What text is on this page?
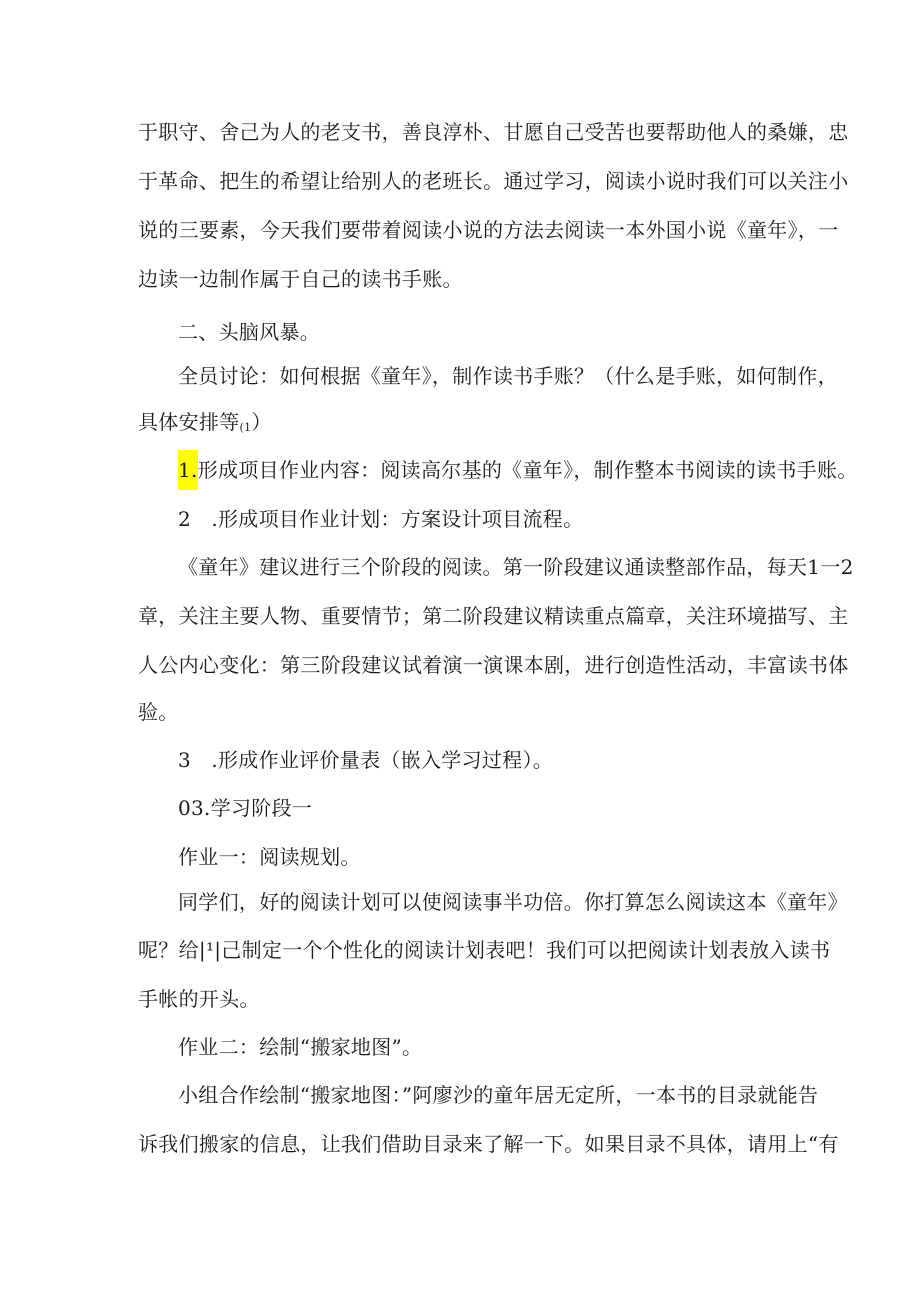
于职守、舍己为人的老支书，善良淳朴、甘愿自己受苦也要帮助他人的桑嫌，忠
于革命、把生的希望让给别人的老班长。通过学习，阅读小说时我们可以关注小
说的三要素，今天我们要带着阅读小说的方法去阅读一本外国小说《童年》，一
边读一边制作属于自己的读书手账。
二、头脑风暴。
全员讨论：如何根据《童年》，制作读书手账？（什么是手账，如何制作，
具体安排等(1）
1.形成项目作业内容：阅读高尔基的《童年》，制作整本书阅读的读书手账。
2　.形成项目作业计划：方案设计项目流程。
《童年》建议进行三个阶段的阅读。第一阶段建议通读整部作品，每天1一2
章，关注主要人物、重要情节；第二阶段建议精读重点篇章，关注环境描写、主
人公内心变化：第三阶段建议试着演一演课本剧，进行创造性活动，丰富读书体
验。
3　.形成作业评价量表（嵌入学习过程）。
03.学习阶段一
作业一：阅读规划。
同学们，好的阅读计划可以使阅读事半功倍。你打算怎么阅读这本《童年》
呢？给|¹|己制定一个个性化的阅读计划表吧！我们可以把阅读计划表放入读书
手帐的开头。
作业二：绘制“搬家地图”。
小组合作绘制“搬家地图：”阿廖沙的童年居无定所，一本书的目录就能告
诉我们搬家的信息，让我们借助目录来了解一下。如果目录不具体，请用上“有
